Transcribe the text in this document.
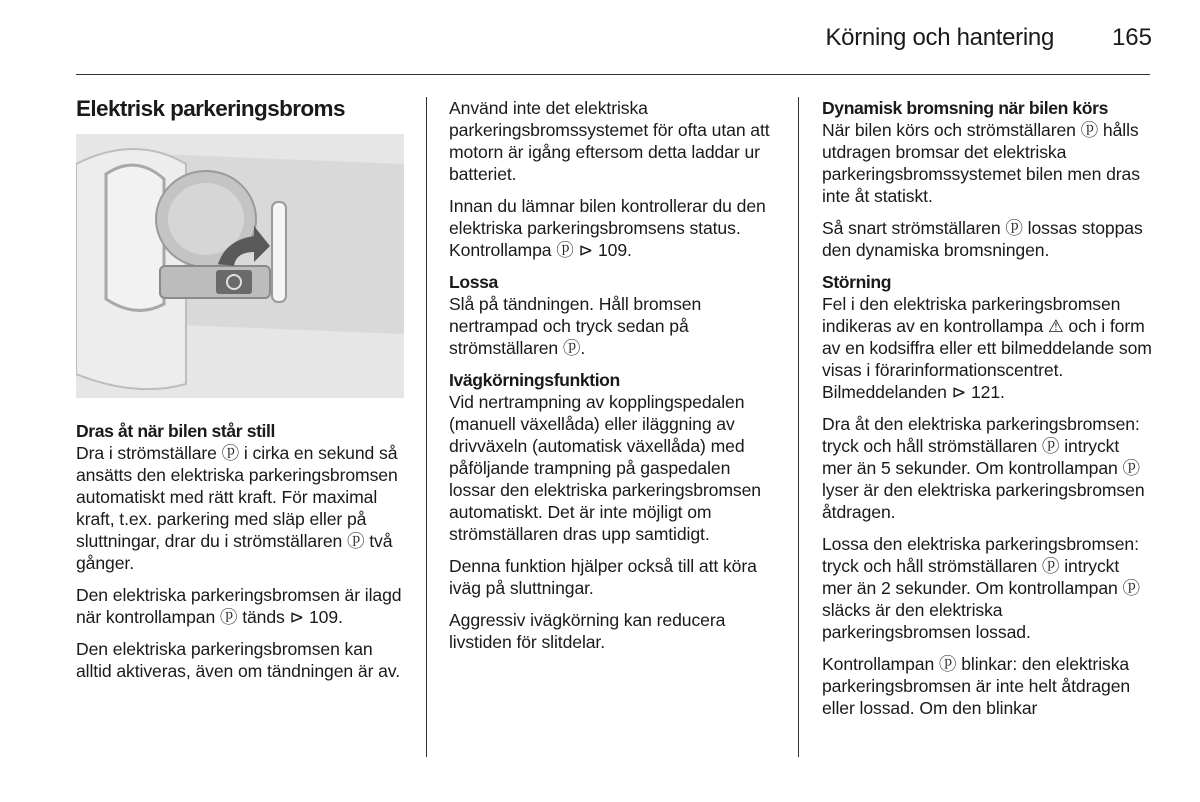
Körning och hantering 165
Elektrisk parkeringsbroms
Dras åt när bilen står still

Dra i strömställare ⓟ i cirka en sekund så ansätts den elektriska parkeringsbromsen automatiskt med rätt kraft. För maximal kraft, t.ex. parkering med släp eller på sluttningar, drar du i strömställaren ⓟ två gånger.

Den elektriska parkeringsbromsen är ilagd när kontrollampan ⓟ tänds ⊳ 109.

Den elektriska parkeringsbromsen kan alltid aktiveras, även om tändningen är av.

Använd inte det elektriska parkeringsbromssystemet för ofta utan att motorn är igång eftersom detta laddar ur batteriet.

Innan du lämnar bilen kontrollerar du den elektriska parkeringsbromsens status. Kontrollampa ⓟ ⊳ 109.

Lossa

Slå på tändningen. Håll bromsen nertrampad och tryck sedan på strömställaren ⓟ.

Ivägkörningsfunktion

Vid nertrampning av kopplingspedalen (manuell växellåda) eller iläggning av drivväxeln (automatisk växellåda) med påföljande trampning på gaspedalen lossar den elektriska parkeringsbromsen automatiskt. Det är inte möjligt om strömställaren dras upp samtidigt.

Denna funktion hjälper också till att köra iväg på sluttningar.

Aggressiv ivägkörning kan reducera livstiden för slitdelar.

Dynamisk bromsning när bilen körs

När bilen körs och strömställaren ⓟ hålls utdragen bromsar det elektriska parkeringsbromssystemet bilen men dras inte åt statiskt.

Så snart strömställaren ⓟ lossas stoppas den dynamiska bromsningen.

Störning

Fel i den elektriska parkeringsbromsen indikeras av en kontrollampa ⚠ och i form av en kodsiffra eller ett bilmeddelande som visas i förarinformationscentret. Bilmeddelanden ⊳ 121.

Dra åt den elektriska parkeringsbromsen: tryck och håll strömställaren ⓟ intryckt mer än 5 sekunder. Om kontrollampan ⓟ lyser är den elektriska parkeringsbromsen åtdragen.

Lossa den elektriska parkeringsbromsen: tryck och håll strömställaren ⓟ intryckt mer än 2 sekunder. Om kontrollampan ⓟ släcks är den elektriska parkeringsbromsen lossad.

Kontrollampan ⓟ blinkar: den elektriska parkeringsbromsen är inte helt åtdragen eller lossad. Om den blinkar
